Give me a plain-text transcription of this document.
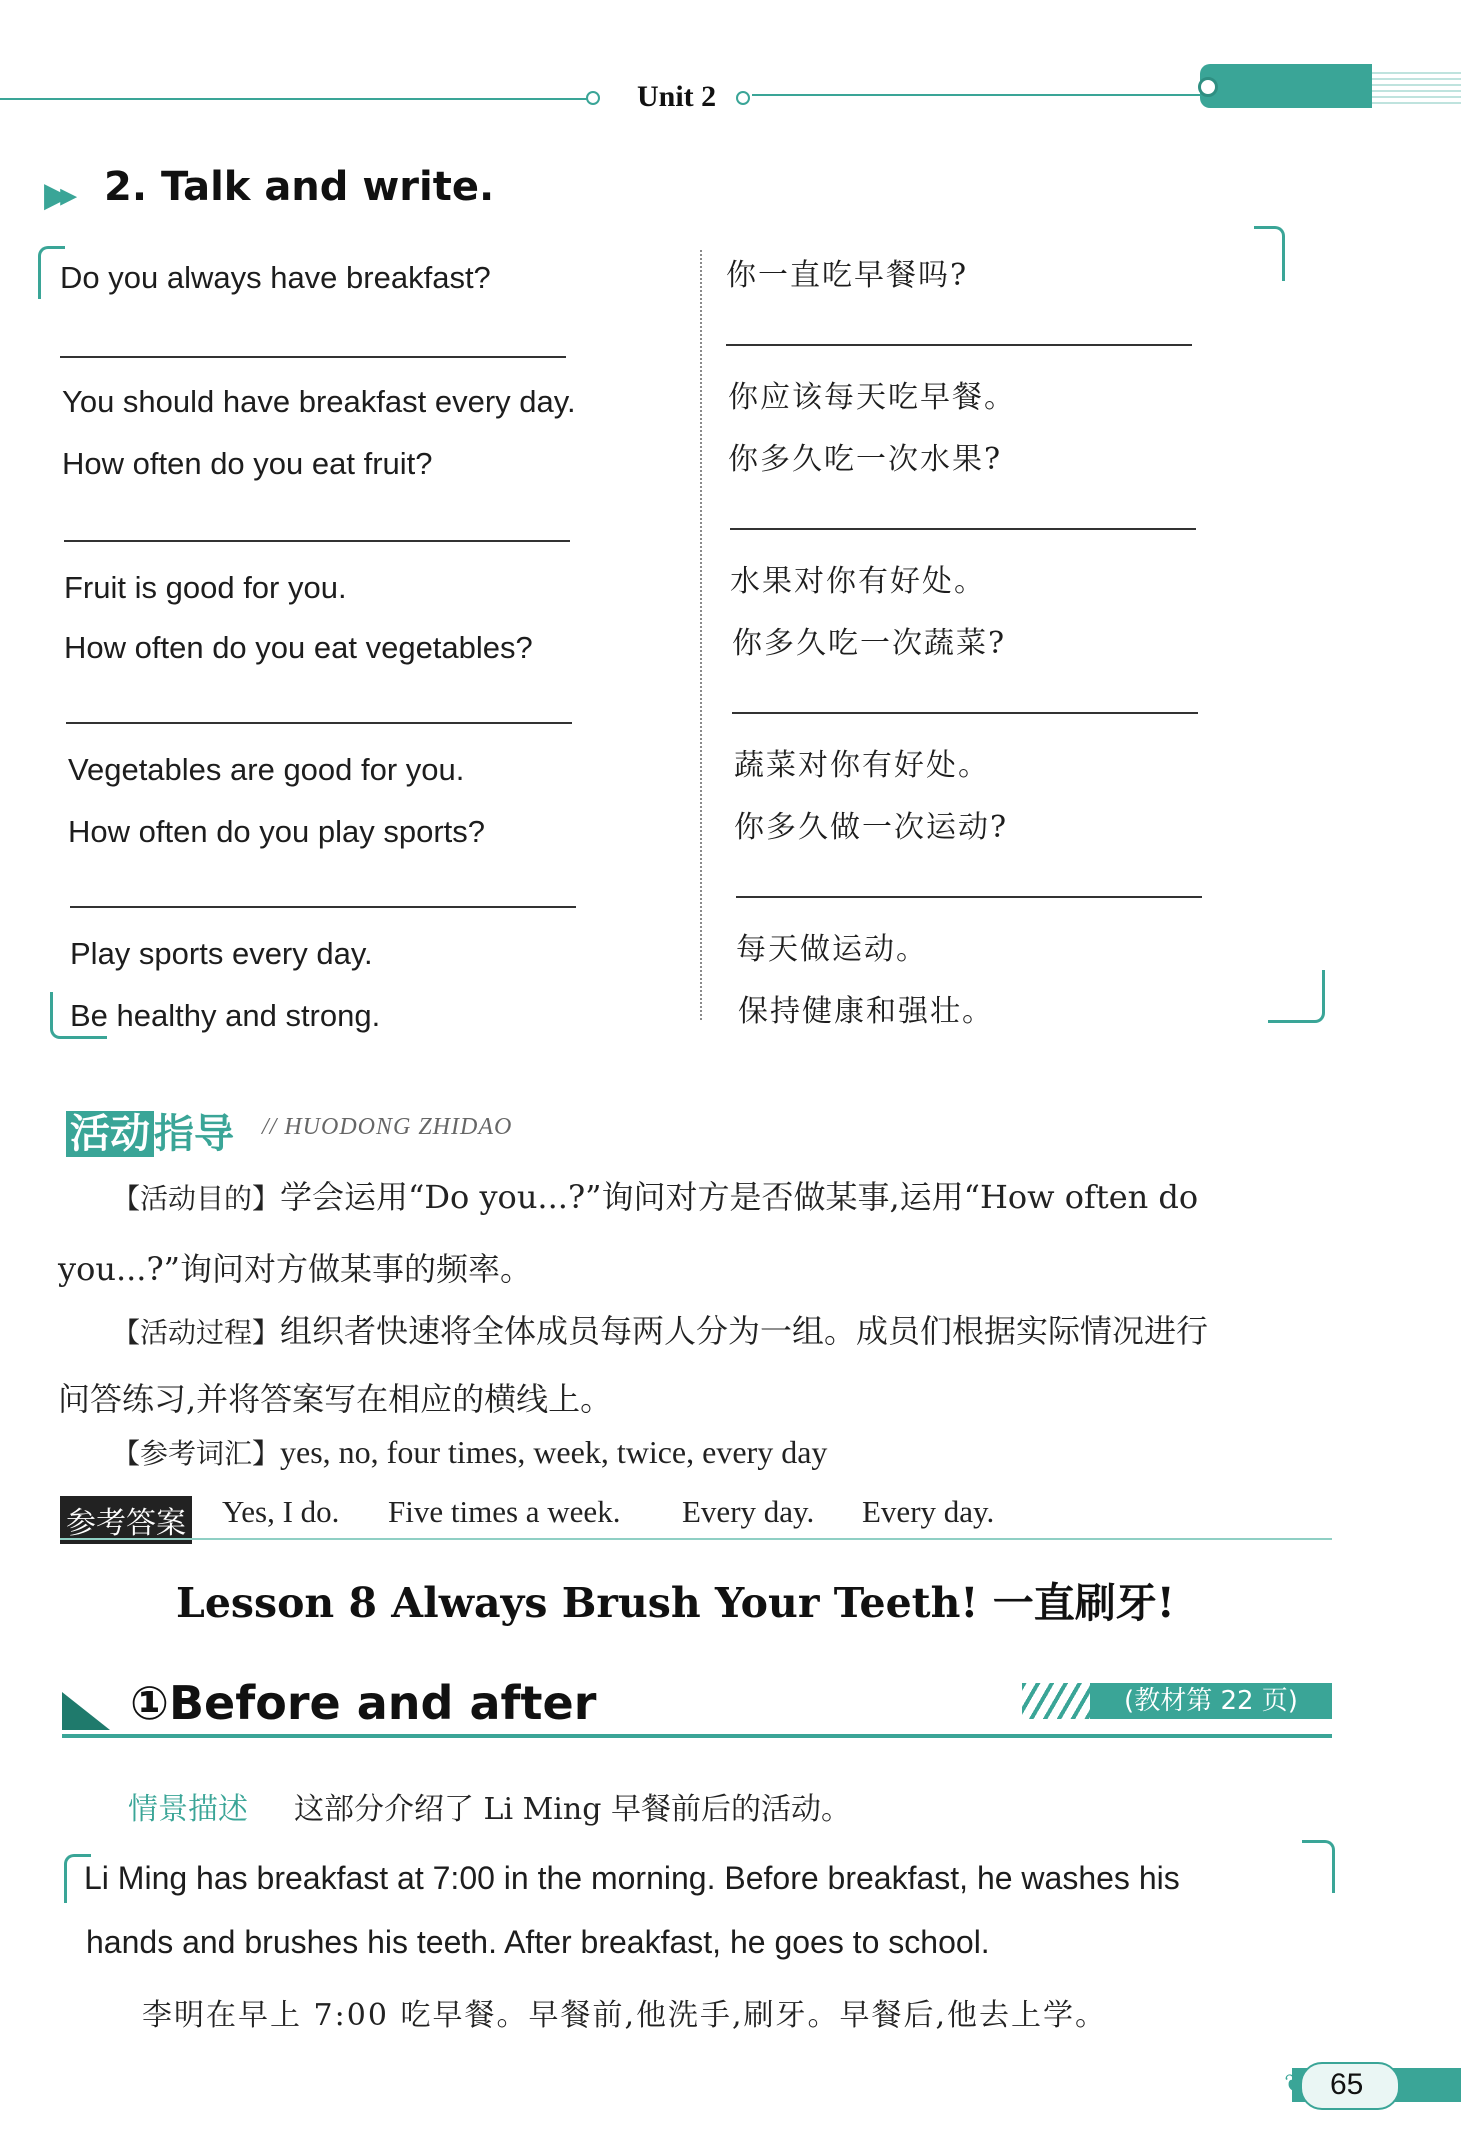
Unit 2
▶▸ 2. Talk and write.
Do you always have breakfast?
You should have breakfast every day.
How often do you eat fruit?
Fruit is good for you.
How often do you eat vegetables?
Vegetables are good for you.
How often do you play sports?
Play sports every day.
Be healthy and strong.
你一直吃早餐吗?
你应该每天吃早餐。
你多久吃一次水果?
水果对你有好处。
你多久吃一次蔬菜?
蔬菜对你有好处。
你多久做一次运动?
每天做运动。
保持健康和强壮。
活动 指导 // HUODONG ZHIDAO
【活动目的】学会运用“Do you...?”询问对方是否做某事,运用“How often do
you...?”询问对方做某事的频率。
【活动过程】组织者快速将全体成员每两人分为一组。成员们根据实际情况进行
问答练习,并将答案写在相应的横线上。
【参考词汇】yes, no, four times, week, twice, every day
参考答案 Yes, I do. Five times a week. Every day. Every day.
Lesson 8 Always Brush Your Teeth! 一直刷牙!
①Before and after	(教材第 22 页)
情景描述 这部分介绍了 Li Ming 早餐前后的活动。
Li Ming has breakfast at 7:00 in the morning. Before breakfast, he washes his
hands and brushes his teeth. After breakfast, he goes to school.
李明在早上 7:00 吃早餐。早餐前,他洗手,刷牙。早餐后,他去上学。
❦ 65
